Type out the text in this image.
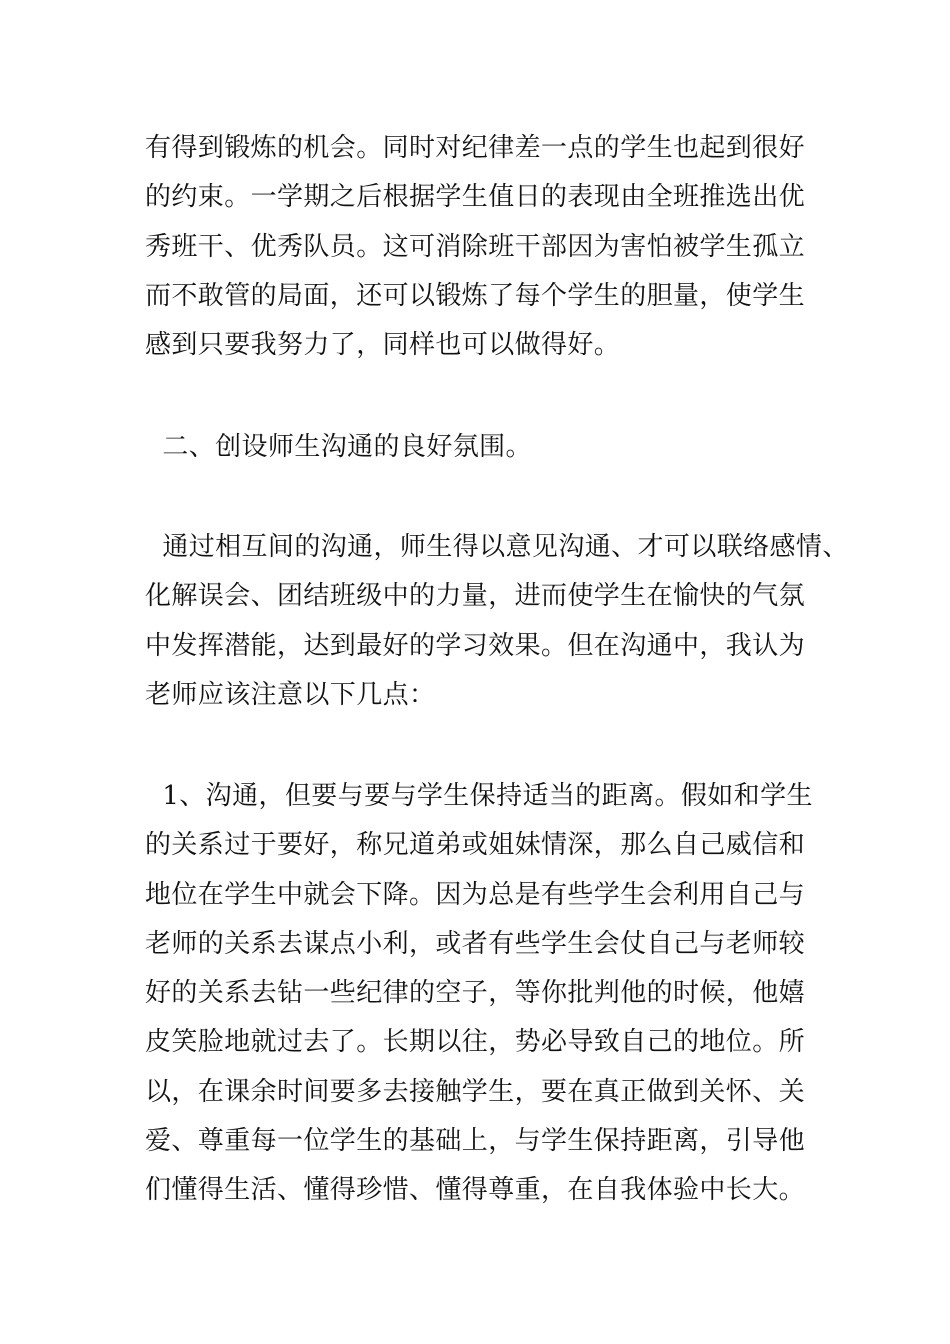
有得到锻炼的机会。同时对纪律差一点的学生也起到很好
的约束。一学期之后根据学生值日的表现由全班推选出优
秀班干、优秀队员。这可消除班干部因为害怕被学生孤立
而不敢管的局面，还可以锻炼了每个学生的胆量，使学生
感到只要我努力了，同样也可以做得好。
二、创设师生沟通的良好氛围。
通过相互间的沟通，师生得以意见沟通、才可以联络感情、
化解误会、团结班级中的力量，进而使学生在愉快的气氛
中发挥潜能，达到最好的学习效果。但在沟通中，我认为
老师应该注意以下几点：
1、沟通，但要与要与学生保持适当的距离。假如和学生
的关系过于要好，称兄道弟或姐妹情深，那么自己威信和
地位在学生中就会下降。因为总是有些学生会利用自己与
老师的关系去谋点小利，或者有些学生会仗自己与老师较
好的关系去钻一些纪律的空子，等你批判他的时候，他嬉
皮笑脸地就过去了。长期以往，势必导致自己的地位。所
以，在课余时间要多去接触学生，要在真正做到关怀、关
爱、尊重每一位学生的基础上，与学生保持距离，引导他
们懂得生活、懂得珍惜、懂得尊重，在自我体验中长大。
